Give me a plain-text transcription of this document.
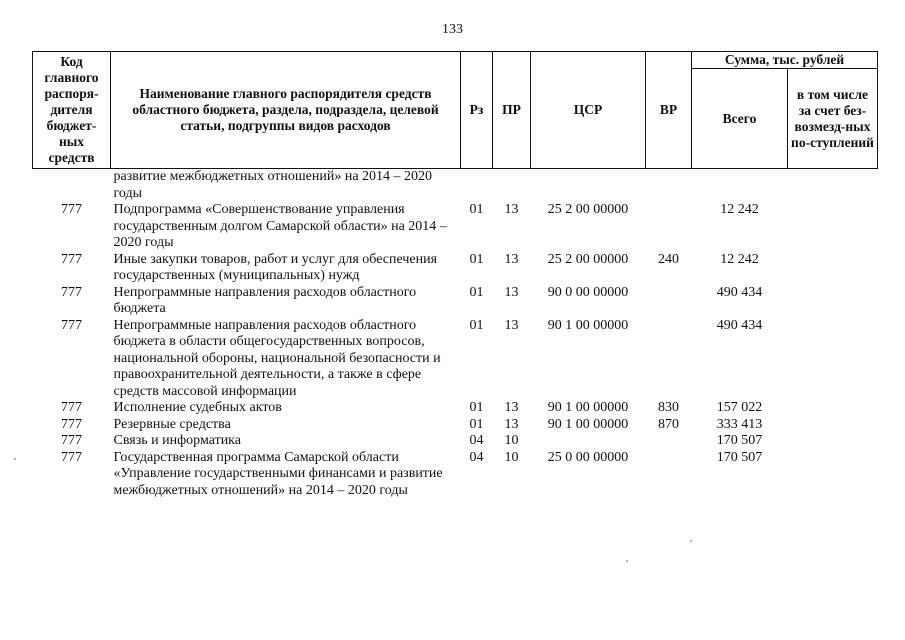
133
Код главного распоря-дителя бюджет-ных средств	Наименование главного распорядителя средств областного бюджета, раздела, подраздела, целевой статьи, подгруппы видов расходов	Рз	ПР	ЦСР	ВР	Сумма, тыс. рублей	
						Всего	в том числе за счет без-возмезд-ных по-ступлений
	развитие межбюджетных отношений» на 2014 – 2020 годы						
777	Подпрограмма «Совершенствование управления государственным долгом Самарской области» на 2014 – 2020 годы	01	13	25 2 00 00000		12 242	
777	Иные закупки товаров, работ и услуг для обеспечения государственных (муниципальных) нужд	01	13	25 2 00 00000	240	12 242	
777	Непрограммные направления расходов областного бюджета	01	13	90 0 00 00000		490 434	
777	Непрограммные направления расходов областного бюджета в области общегосударственных вопросов, национальной обороны, национальной безопасности и правоохранительной деятельности, а также в сфере средств массовой информации	01	13	90 1 00 00000		490 434	
777	Исполнение судебных актов	01	13	90 1 00 00000	830	157 022	
777	Резервные средства	01	13	90 1 00 00000	870	333 413	
777	Связь и информатика	04	10			170 507	
777	Государственная программа Самарской области «Управление государственными финансами и развитие межбюджетных отношений» на 2014 – 2020 годы	04	10	25 0 00 00000		170 507	
